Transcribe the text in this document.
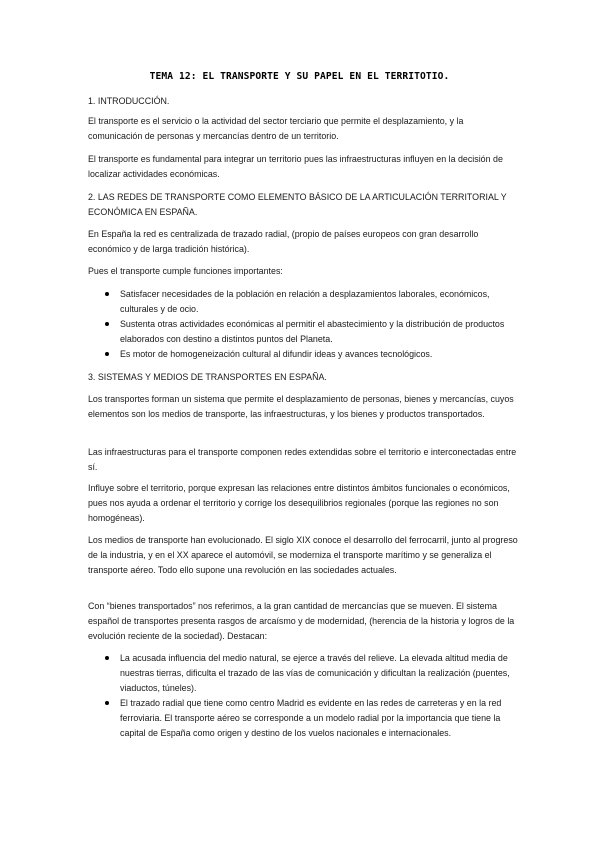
TEMA 12: EL TRANSPORTE Y SU PAPEL EN EL TERRITOTIO.

1. INTRODUCCIÓN.

El transporte es el servicio o la actividad del sector terciario que permite el desplazamiento, y la comunicación de personas y mercancías dentro de un territorio.

El transporte es fundamental para integrar un territorio pues las infraestructuras influyen en la decisión de localizar actividades económicas.

2. LAS REDES DE TRANSPORTE COMO ELEMENTO BÁSICO DE LA ARTICULACIÓN TERRITORIAL Y ECONÓMICA EN ESPAÑA.

En España la red es centralizada de trazado radial, (propio de países europeos con gran desarrollo económico y de larga tradición histórica).

Pues el transporte cumple funciones importantes:

Satisfacer necesidades de la población en relación a desplazamientos laborales, económicos, culturales y de ocio.
Sustenta otras actividades económicas al permitir el abastecimiento y la distribución de productos elaborados con destino a distintos puntos del Planeta.
Es motor de homogeneización cultural al difundir ideas y avances tecnológicos.

3. SISTEMAS Y MEDIOS DE TRANSPORTES EN ESPAÑA.

Los transportes forman un sistema que permite el desplazamiento de personas, bienes y mercancías, cuyos elementos son los medios de transporte, las infraestructuras, y los bienes y productos transportados.

Las infraestructuras para el transporte componen redes extendidas sobre el territorio e interconectadas entre sí.

Influye sobre el territorio, porque expresan las relaciones entre distintos ámbitos funcionales o económicos, pues nos ayuda a ordenar el territorio y corrige los desequilibrios regionales (porque las regiones no son homogéneas).

Los medios de transporte han evolucionado. El siglo XIX conoce el desarrollo del ferrocarril, junto al progreso de la industria, y en el XX aparece el automóvil, se moderniza el transporte marítimo y se generaliza el transporte aéreo. Todo ello supone una revolución en las sociedades actuales.

Con “bienes transportados” nos referimos, a la gran cantidad de mercancías que se mueven. El sistema español de transportes presenta rasgos de arcaísmo y de modernidad, (herencia de la historia y logros de la evolución reciente de la sociedad). Destacan:

La acusada influencia del medio natural, se ejerce a través del relieve. La elevada altitud media de nuestras tierras, dificulta el trazado de las vías de comunicación y dificultan la realización (puentes, viaductos, túneles).
El trazado radial que tiene como centro Madrid es evidente en las redes de carreteras y en la red ferroviaria. El transporte aéreo se corresponde a un modelo radial por la importancia que tiene la capital de España como origen y destino de los vuelos nacionales e internacionales.
